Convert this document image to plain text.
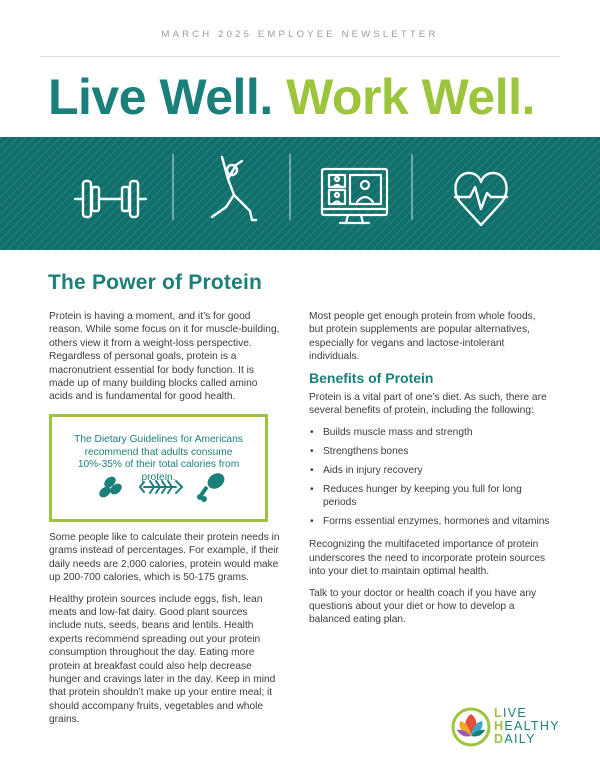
MARCH 2025 EMPLOYEE NEWSLETTER
Live Well. Work Well.
The Power of Protein

Protein is having a moment, and it’s for good reason. While some focus on it for muscle-building, others view it from a weight-loss perspective. Regardless of personal goals, protein is a macronutrient essential for body function. It is made up of many building blocks called amino acids and is fundamental for good health.

The Dietary Guidelines for Americans recommend that adults consume 10%-35% of their total calories from protein.

Some people like to calculate their protein needs in grams instead of percentages. For example, if their daily needs are 2,000 calories, protein would make up 200-700 calories, which is 50-175 grams.

Healthy protein sources include eggs, fish, lean meats and low-fat dairy. Good plant sources include nuts, seeds, beans and lentils. Health experts recommend spreading out your protein consumption throughout the day. Eating more protein at breakfast could also help decrease hunger and cravings later in the day. Keep in mind that protein shouldn’t make up your entire meal; it should accompany fruits, vegetables and whole grains.

Most people get enough protein from whole foods, but protein supplements are popular alternatives, especially for vegans and lactose-intolerant individuals.

Benefits of Protein

Protein is a vital part of one’s diet. As such, there are several benefits of protein, including the following:

• Builds muscle mass and strength
• Strengthens bones
• Aids in injury recovery
• Reduces hunger by keeping you full for long periods
• Forms essential enzymes, hormones and vitamins

Recognizing the multifaceted importance of protein underscores the need to incorporate protein sources into your diet to maintain optimal health.

Talk to your doctor or health coach if you have any questions about your diet or how to develop a balanced eating plan.

LIVE
HEALTHY
DAILY
